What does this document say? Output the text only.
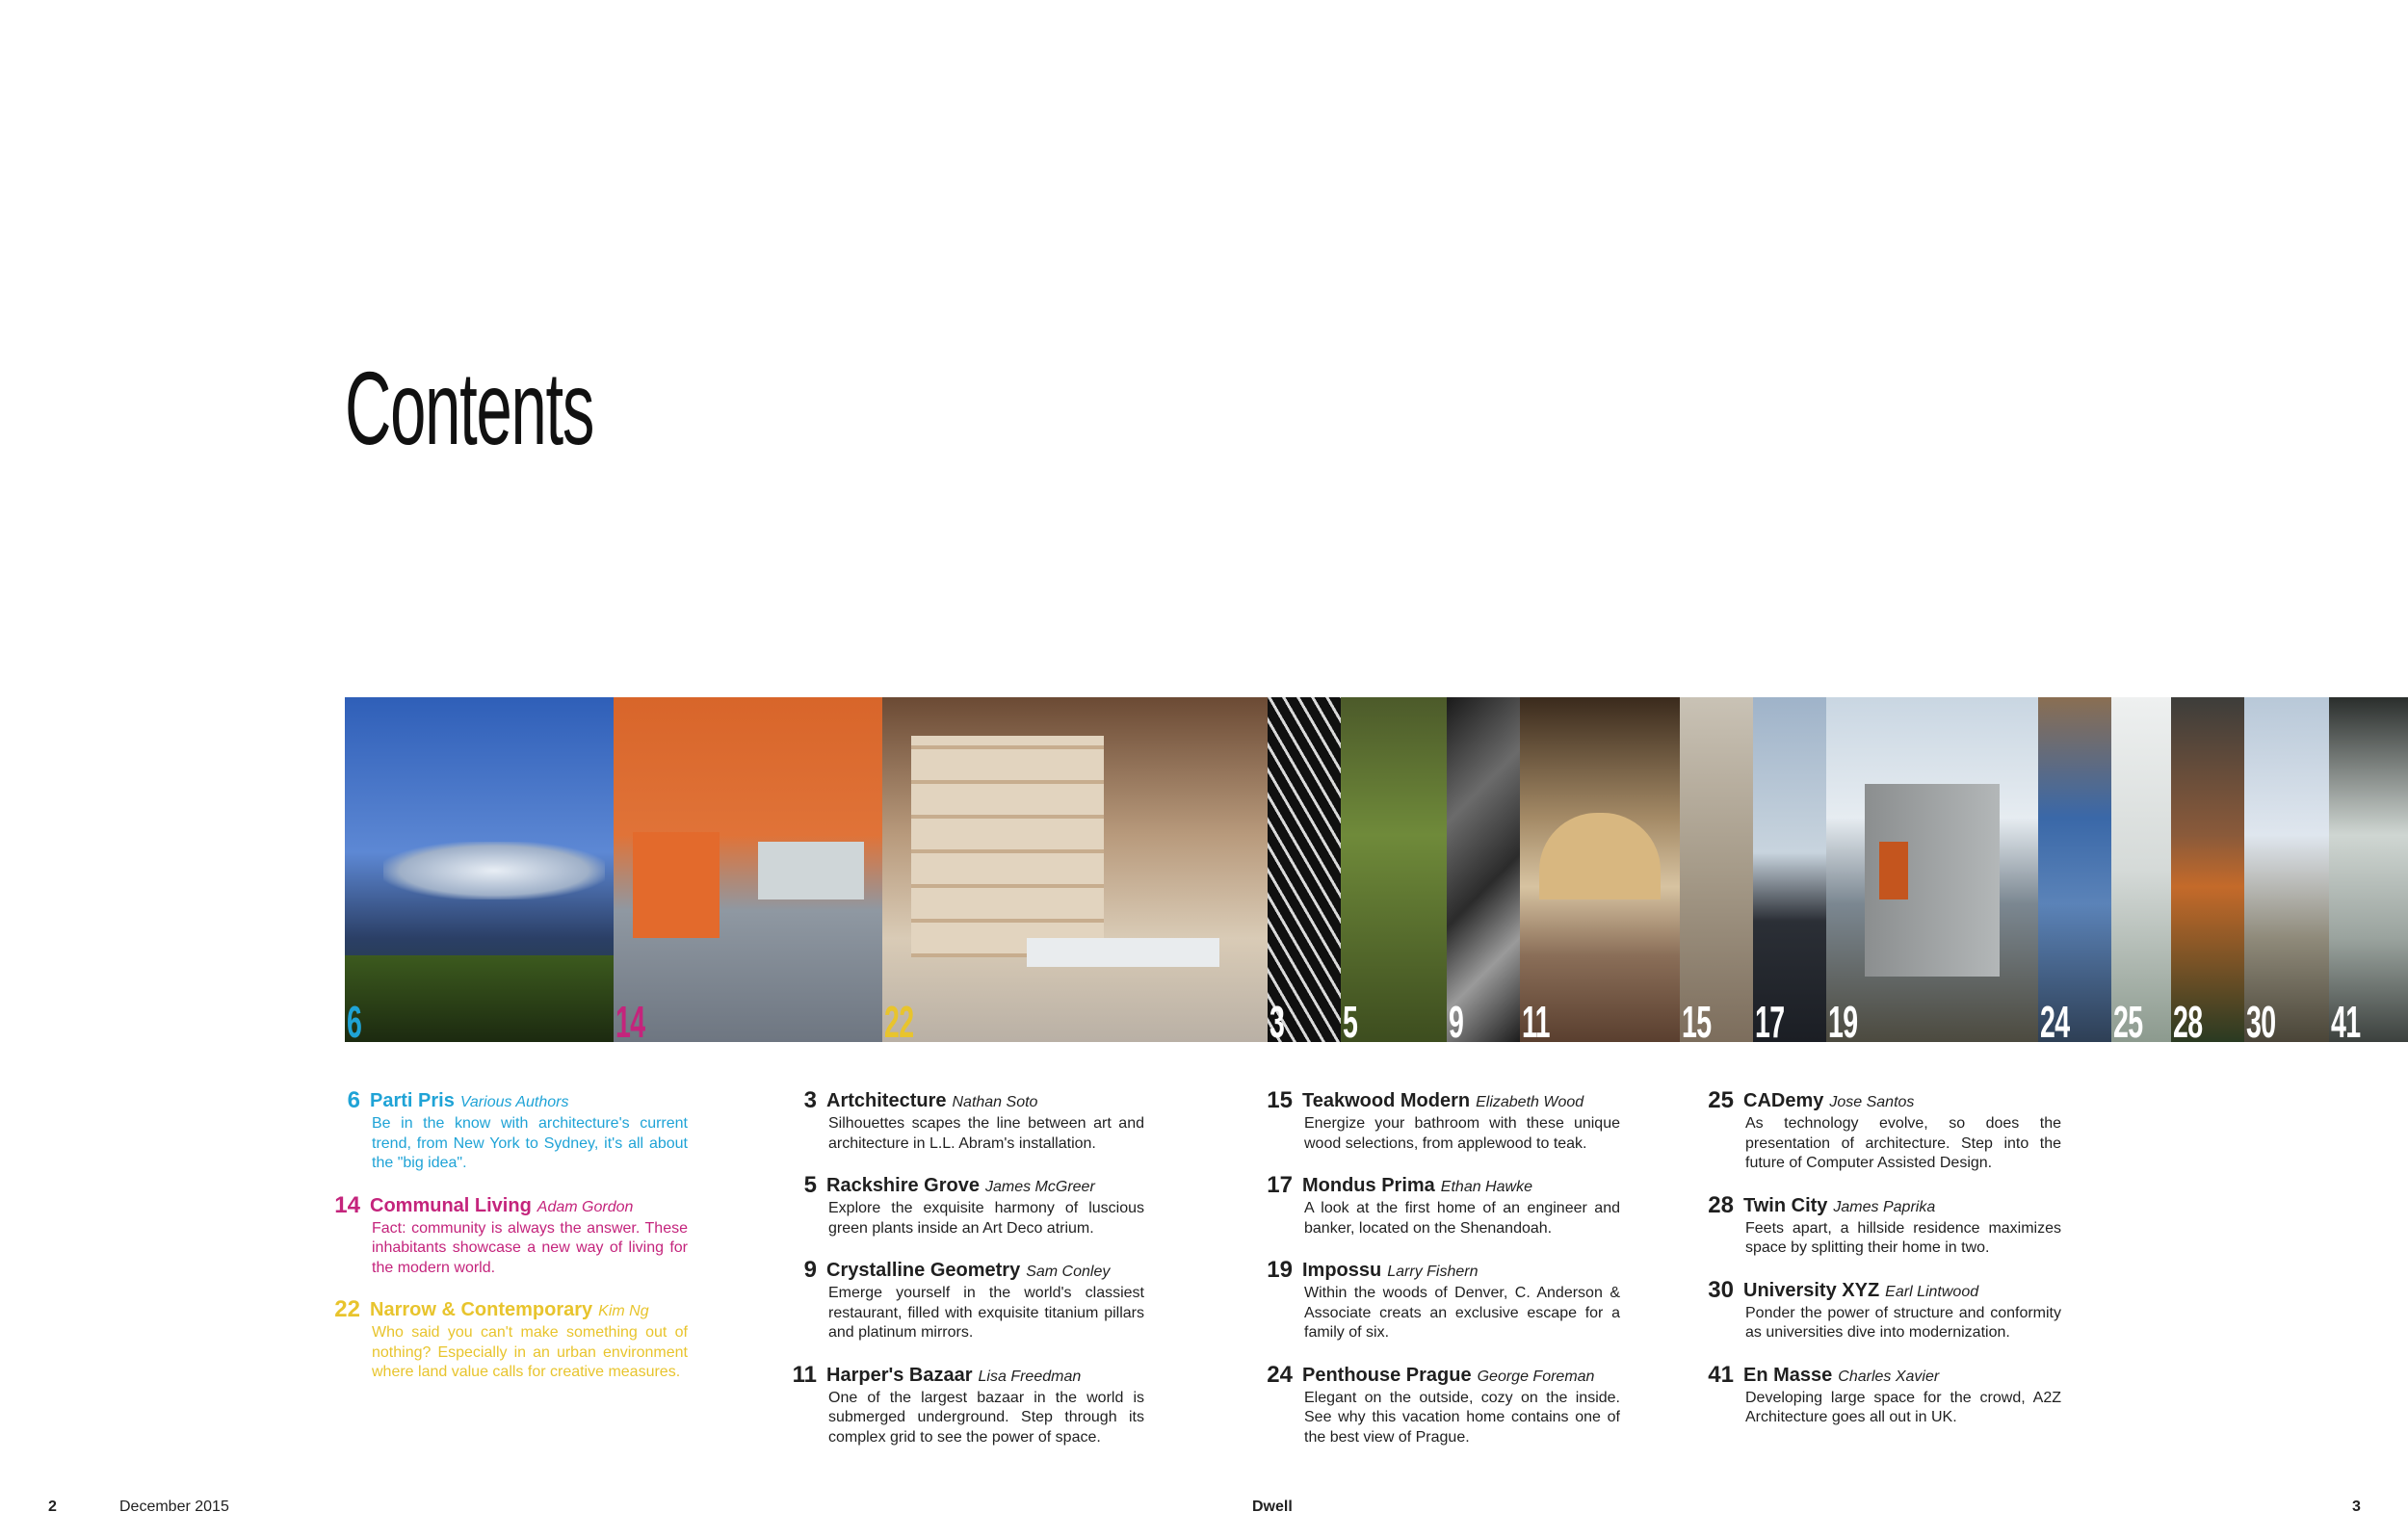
Contents
6	14	22	3 5 9 11	15 17 19	24 25 28 30 41
6 Parti Pris Various Authors
Be in the know with architecture's current trend, from New York to Sydney, it's all about the "big idea".
14 Communal Living Adam Gordon
Fact: community is always the answer. These inhabitants showcase a new way of living for the modern world.
22 Narrow & Contemporary Kim Ng
Who said you can't make something out of nothing? Especially in an urban environment where land value calls for creative measures.
3 Artchitecture Nathan Soto
Silhouettes scapes the line between art and architecture in L.L. Abram's installation.
5 Rackshire Grove James McGreer
Explore the exquisite harmony of luscious green plants inside an Art Deco atrium.
9 Crystalline Geometry Sam Conley
Emerge yourself in the world's classiest restaurant, filled with exquisite titanium pillars and platinum mirrors.
11 Harper's Bazaar Lisa Freedman
One of the largest bazaar in the world is submerged underground. Step through its complex grid to see the power of space.
15 Teakwood Modern Elizabeth Wood
Energize your bathroom with these unique wood selections, from applewood to teak.
17 Mondus Prima Ethan Hawke
A look at the first home of an engineer and banker, located on the Shenandoah.
19 Impossu Larry Fishern
Within the woods of Denver, C. Anderson & Associate creats an exclusive escape for a family of six.
24 Penthouse Prague George Foreman
Elegant on the outside, cozy on the inside. See why this vacation home contains one of the best view of Prague.
25 CADemy Jose Santos
As technology evolve, so does the presentation of architecture. Step into the future of Computer Assisted Design.
28 Twin City James Paprika
Feets apart, a hillside residence maximizes space by splitting their home in two.
30 University XYZ Earl Lintwood
Ponder the power of structure and conformity as universities dive into modernization.
41 En Masse Charles Xavier
Developing large space for the crowd, A2Z Architecture goes all out in UK.
2	December 2015	Dwell	3
